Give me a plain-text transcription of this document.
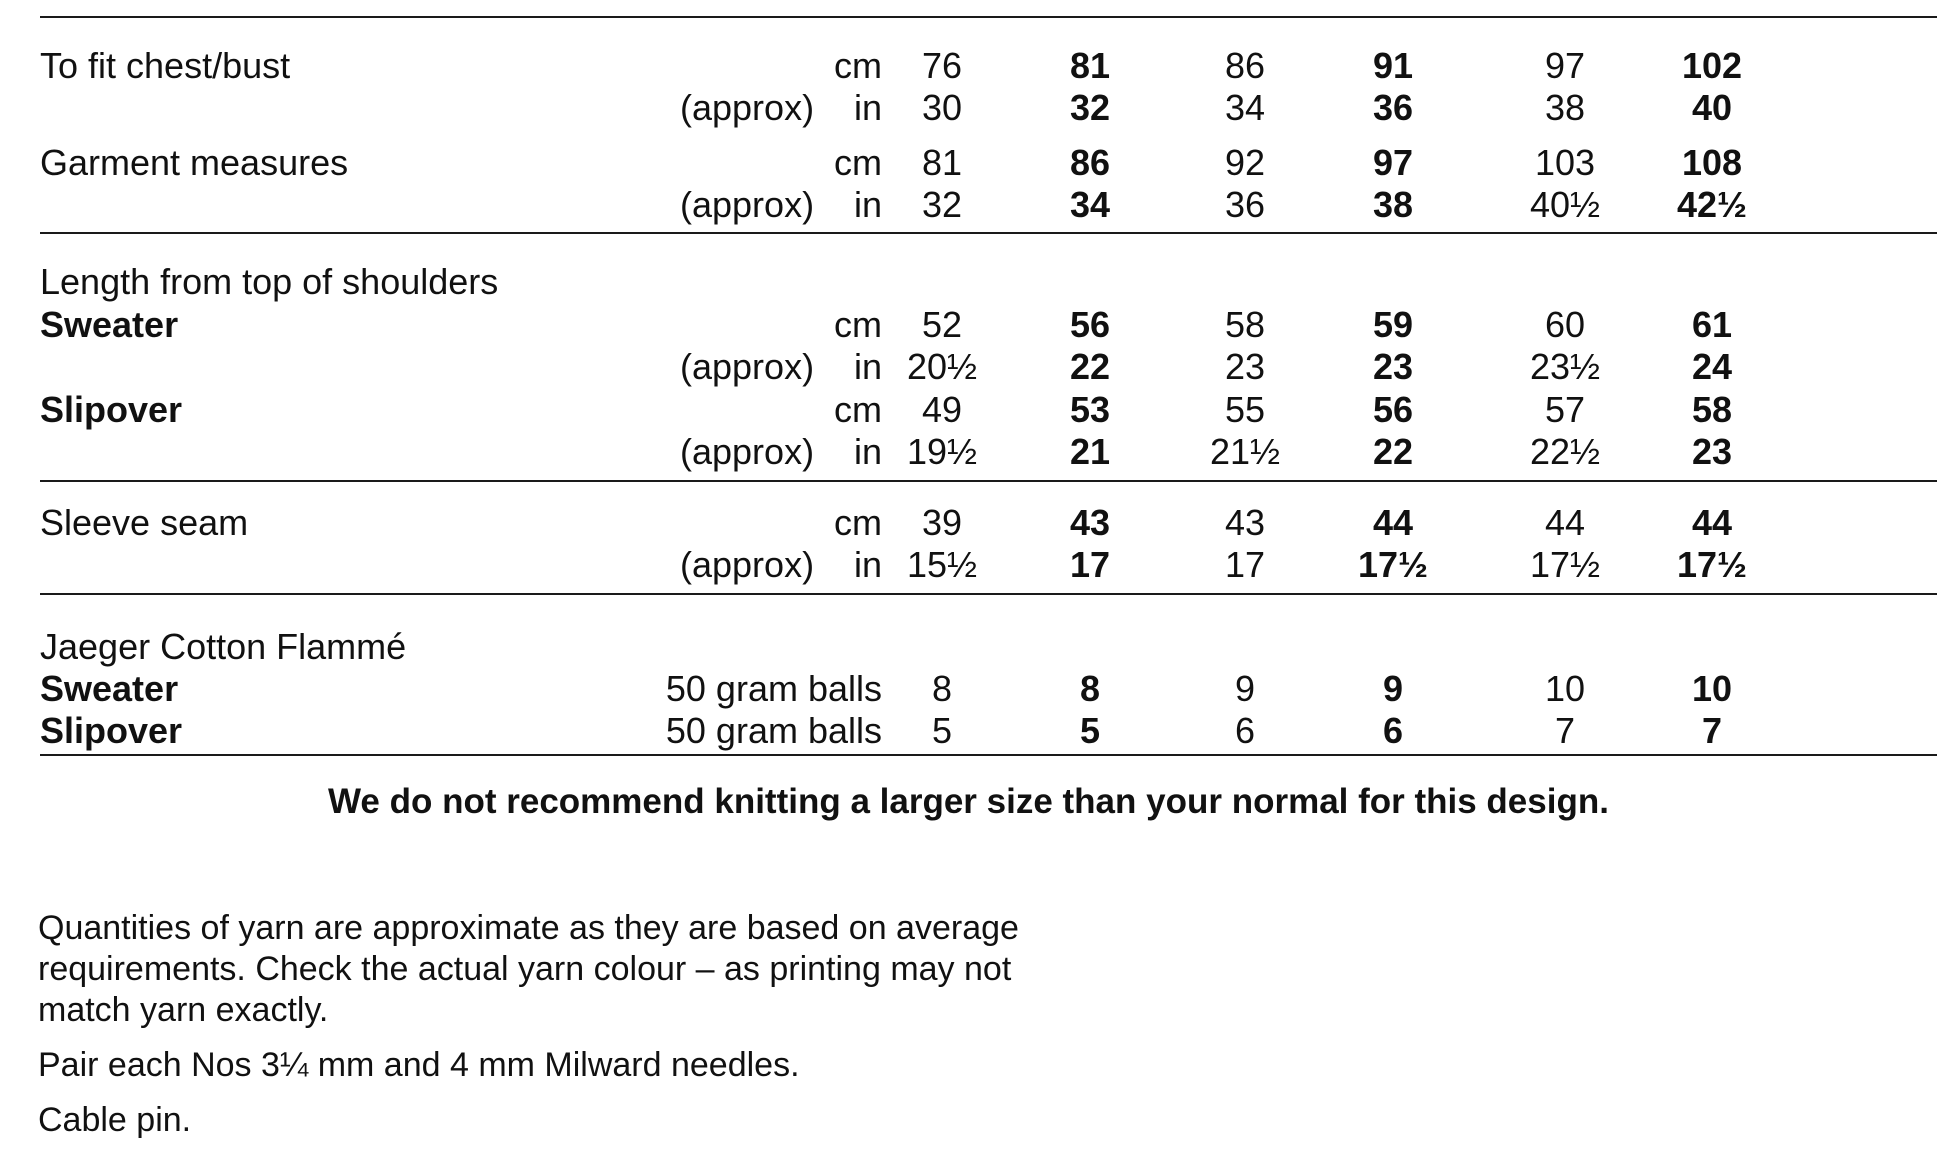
To fit chest/bust	cm 76	81	86	91	97	102
(approx) in 30	32	34	36	38	40
Garment measures	cm 81	86	92	97	103 108
(approx) in 32	34	36	38	40½ 42½
Length from top of shoulders
Sweater	cm 52	56	58	59	60	61
(approx) in 20½	22	23	23	23½	24
Slipover	cm 49	53	55	56	57	58
(approx) in 19½	21	21½	22	22½	23
Sleeve seam	cm 39	43	43	44	44	44
(approx) in 15½	17	17	17½	17½ 17½
Jaeger Cotton Flammé
Sweater	50 gram balls 8	8	9	9	10	10
Slipover	50 gram balls 5	5	6	6	7	7
We do not recommend knitting a larger size than your normal for this design.

Quantities of yarn are approximate as they are based on average requirements. Check the actual yarn colour – as printing may not match yarn exactly.

Pair each Nos 3¼ mm and 4 mm Milward needles.

Cable pin.
